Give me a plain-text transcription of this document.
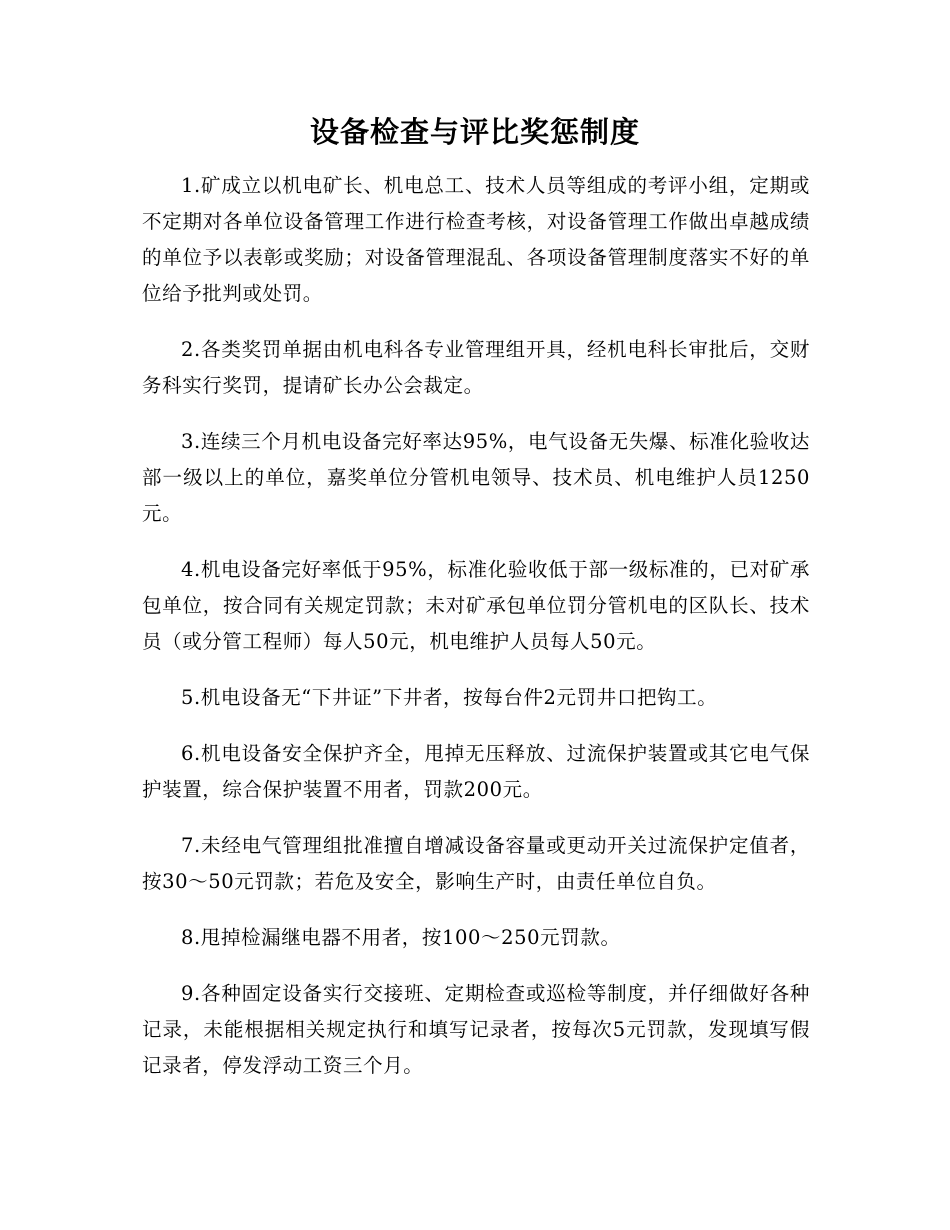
设备检查与评比奖惩制度

1.矿成立以机电矿长、机电总工、技术人员等组成的考评小组，定期或不定期对各单位设备管理工作进行检查考核，对设备管理工作做出卓越成绩的单位予以表彰或奖励；对设备管理混乱、各项设备管理制度落实不好的单位给予批判或处罚。

2.各类奖罚单据由机电科各专业管理组开具，经机电科长审批后，交财务科实行奖罚，提请矿长办公会裁定。

3.连续三个月机电设备完好率达95%，电气设备无失爆、标准化验收达部一级以上的单位，嘉奖单位分管机电领导、技术员、机电维护人员1250元。

4.机电设备完好率低于95%，标准化验收低于部一级标准的，已对矿承包单位，按合同有关规定罚款；未对矿承包单位罚分管机电的区队长、技术员（或分管工程师）每人50元，机电维护人员每人50元。

5.机电设备无“下井证”下井者，按每台件2元罚井口把钩工。

6.机电设备安全保护齐全，甩掉无压释放、过流保护装置或其它电气保护装置，综合保护装置不用者，罚款200元。

7.未经电气管理组批准擅自增减设备容量或更动开关过流保护定值者，按30～50元罚款；若危及安全，影响生产时，由责任单位自负。

8.甩掉检漏继电器不用者，按100～250元罚款。

9.各种固定设备实行交接班、定期检查或巡检等制度，并仔细做好各种记录，未能根据相关规定执行和填写记录者，按每次5元罚款，发现填写假记录者，停发浮动工资三个月。
